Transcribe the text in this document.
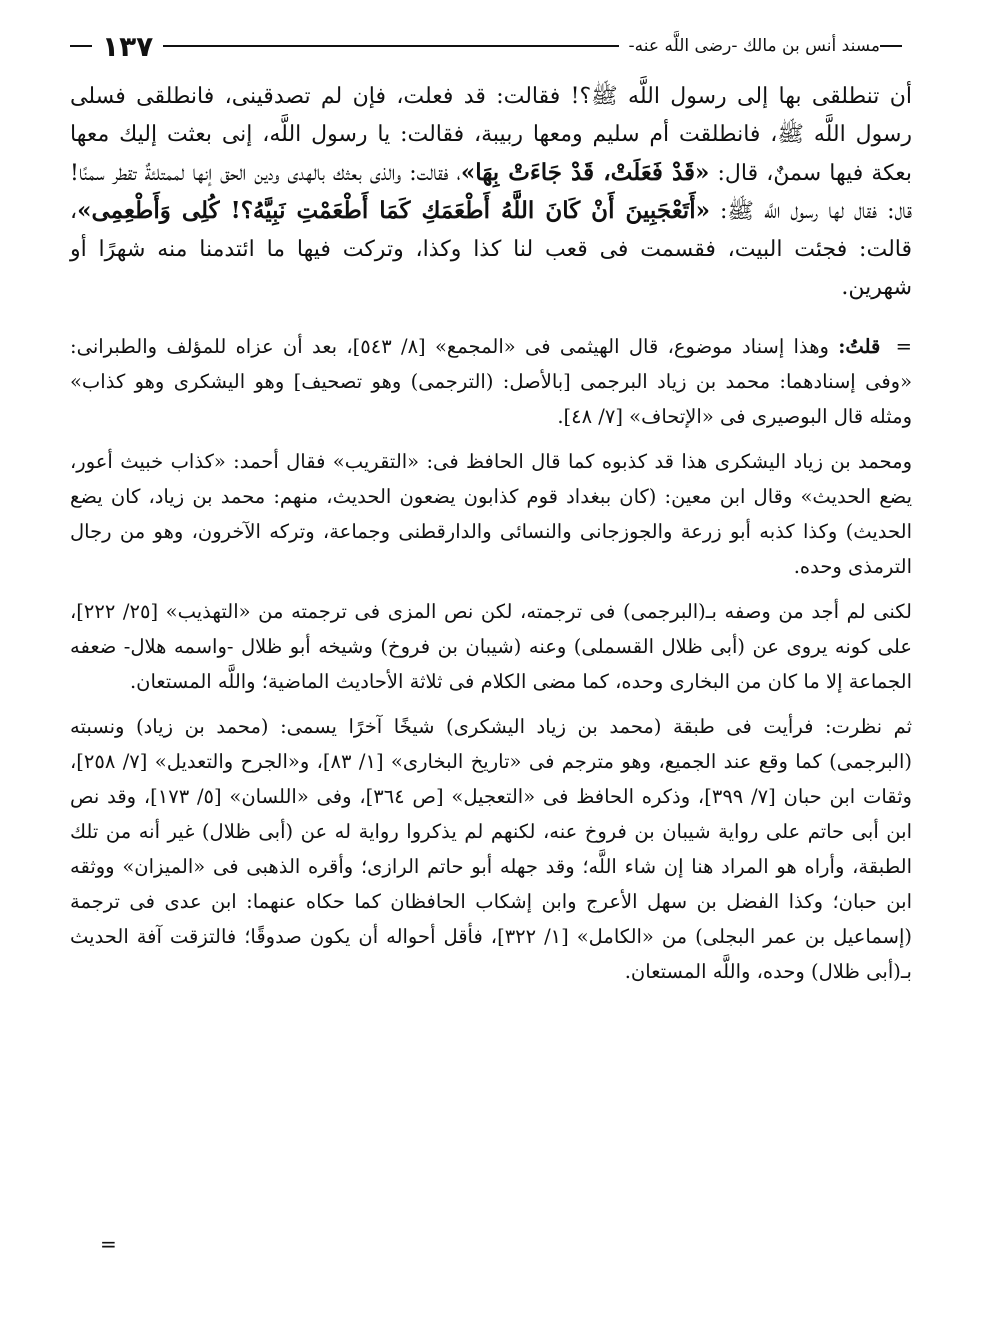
مسند أنس بن مالك -رضى اللَّه عنه-
١٣٧

أن تنطلقى بها إلى رسول اللَّه ﷺ؟! فقالت: قد فعلت، فإن لم تصدقينى، فانطلقى فسلى رسول اللَّه ﷺ، فانطلقت أم سليم ومعها ربيبة، فقالت: يا رسول اللَّه، إنى بعثت إليك معها بعكة فيها سمنٌ، قال: «قَدْ فَعَلَتْ، قَدْ جَاءَتْ بِهَا»، فقالت: والذى بعثك بالهدى ودين الحق إنها لممتلئةٌ تقطر سمنًا! قال: فقال لها رسول اللَّه ﷺ: «أَتَعْجَبِينَ أَنْ كَانَ اللَّهُ أَطْعَمَكِ كَمَا أَطْعَمْتِ نَبِيَّهُ؟! كُلِى وَأَطْعِمِى»، قالت: فجئت البيت، فقسمت فى قعب لنا كذا وكذا، وتركت فيها ما ائتدمنا منه شهرًا أو شهرين.

= قلتُ: وهذا إسناد موضوع، قال الهيثمى فى «المجمع» [٨/ ٥٤٣]، بعد أن عزاه للمؤلف والطبرانى: «وفى إسنادهما: محمد بن زياد البرجمى [بالأصل: (الترجمى) وهو تصحيف] وهو اليشكرى وهو كذاب» ومثله قال البوصيرى فى «الإتحاف» [٧/ ٤٨].

ومحمد بن زياد اليشكرى هذا قد كذبوه كما قال الحافظ فى: «التقريب» فقال أحمد: «كذاب خبيث أعور، يضع الحديث» وقال ابن معين: (كان ببغداد قوم كذابون يضعون الحديث، منهم: محمد بن زياد، كان يضع الحديث) وكذا كذبه أبو زرعة والجوزجانى والنسائى والدارقطنى وجماعة، وتركه الآخرون، وهو من رجال الترمذى وحده.

لكنى لم أجد من وصفه بـ(البرجمى) فى ترجمته، لكن نص المزى فى ترجمته من «التهذيب» [٢٥/ ٢٢٢]، على كونه يروى عن (أبى ظلال القسملى) وعنه (شيبان بن فروخ) وشيخه أبو ظلال -واسمه هلال- ضعفه الجماعة إلا ما كان من البخارى وحده، كما مضى الكلام فى ثلاثة الأحاديث الماضية؛ واللَّه المستعان.

ثم نظرت: فرأيت فى طبقة (محمد بن زياد اليشكرى) شيخًا آخرًا يسمى: (محمد بن زياد) ونسبته (البرجمى) كما وقع عند الجميع، وهو مترجم فى «تاريخ البخارى» [١/ ٨٣]، و«الجرح والتعديل» [٧/ ٢٥٨]، وثقات ابن حبان [٧/ ٣٩٩]، وذكره الحافظ فى «التعجيل» [ص ٣٦٤]، وفى «اللسان» [٥/ ١٧٣]، وقد نص ابن أبى حاتم على رواية شيبان بن فروخ عنه، لكنهم لم يذكروا رواية له عن (أبى ظلال) غير أنه من تلك الطبقة، وأراه هو المراد هنا إن شاء اللَّه؛ وقد جهله أبو حاتم الرازى؛ وأقره الذهبى فى «الميزان» ووثقه ابن حبان؛ وكذا الفضل بن سهل الأعرج وابن إشكاب الحافظان كما حكاه عنهما: ابن عدى فى ترجمة (إسماعيل بن عمر البجلى) من «الكامل» [١/ ٣٢٢]، فأقل أحواله أن يكون صدوقًا؛ فالتزقت آفة الحديث بـ(أبى ظلال) وحده، واللَّه المستعان.

=
